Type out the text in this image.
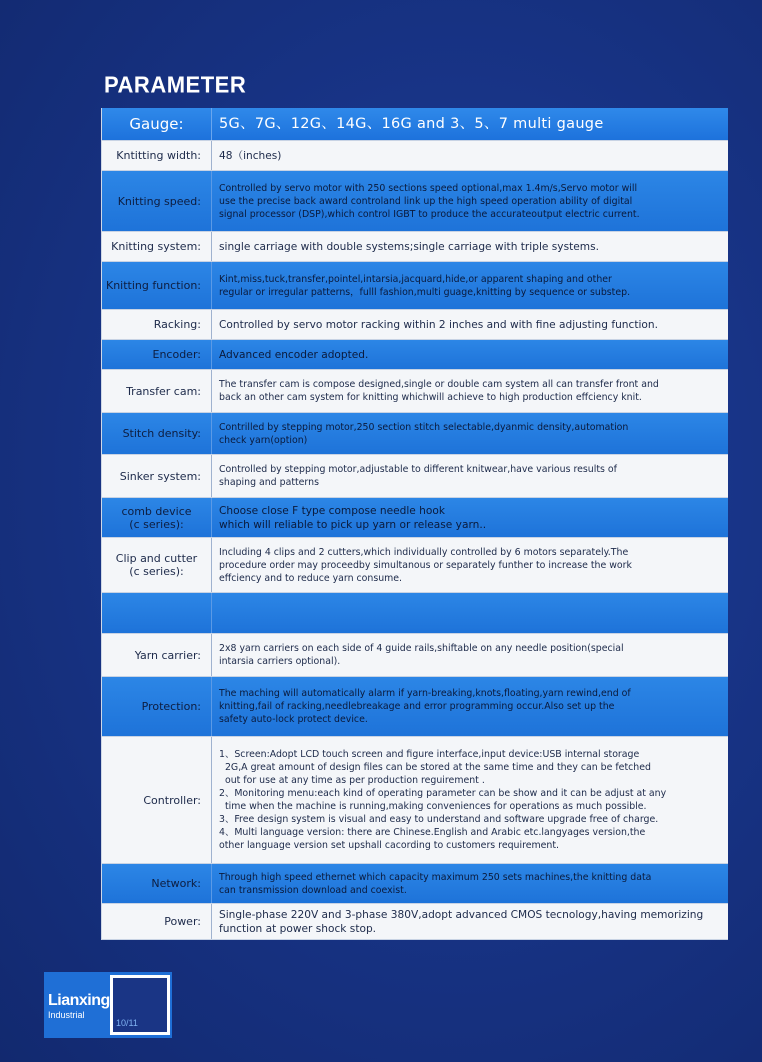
PARAMETER
Gauge:	5G、7G、12G、14G、16G and 3、5、7 multi gauge
Kntitting width:	48（inches)
Knitting speed:
Controlled by servo motor with 250 sections speed optional,max 1.4m/s,Servo motor will
use the precise back award controland link up the high speed operation ability of digital
signal processor (DSP),which control IGBT to produce the accurateoutput electric current.
Knitting system:	single carriage with double systems;single carriage with triple systems.
Knitting function:	Kint,miss,tuck,transfer,pointel,intarsia,jacquard,hide,or apparent shaping and other
regular or irregular patterns，fulll fashion,multi guage,knitting by sequence or substep.
Racking:	Controlled by servo motor racking within 2 inches and with fine adjusting function.
Encoder:	Advanced encoder adopted.
Transfer cam:	The transfer cam is compose designed,single or double cam system all can transfer front and
back an other cam system for knitting whichwill achieve to high production effciency knit.
Stitch density:	Contrilled by stepping motor,250 section stitch selectable,dyanmic density,automation
check yarn(option)
Sinker system:	Controlled by stepping motor,adjustable to different knitwear,have various results of
shaping and patterns
comb device
(c series):
Choose close F type compose needle hook
which will reliable to pick up yarn or release yarn..
Clip and cutter
(c series):
Including 4 clips and 2 cutters,which individually controlled by 6 motors separately.The
procedure order may proceedby simultanous or separately funther to increase the work
effciency and to reduce yarn consume.
Yarn carrier:	2x8 yarn carriers on each side of 4 guide rails,shiftable on any needle position(special
intarsia carriers optional).
Protection:
The maching will automatically alarm if yarn-breaking,knots,floating,yarn rewind,end of
knitting,fail of racking,needlebreakage and error programming occur.Also set up the
safety auto-lock protect device.
Controller:
1、Screen:Adopt LCD touch screen and figure interface,input device:USB internal storage
2G,A great amount of design files can be stored at the same time and they can be fetched
out for use at any time as per production reguirement .
2、Monitoring menu:each kind of operating parameter can be show and it can be adjust at any
time when the machine is running,making conveniences for operations as much possible.
3、Free design system is visual and easy to understand and software upgrade free of charge.
4、Multi language version: there are Chinese.English and Arabic etc.langyages version,the
other language version set upshall cacording to customers requirement.
Network:	Through high speed ethernet which capacity maximum 250 sets machines,the knitting data
can transmission download and coexist.
Power:
Single-phase 220V and 3-phase 380V,adopt advanced CMOS tecnology,having memorizing
function at power shock stop.
Lianxing
Industrial
10/11
